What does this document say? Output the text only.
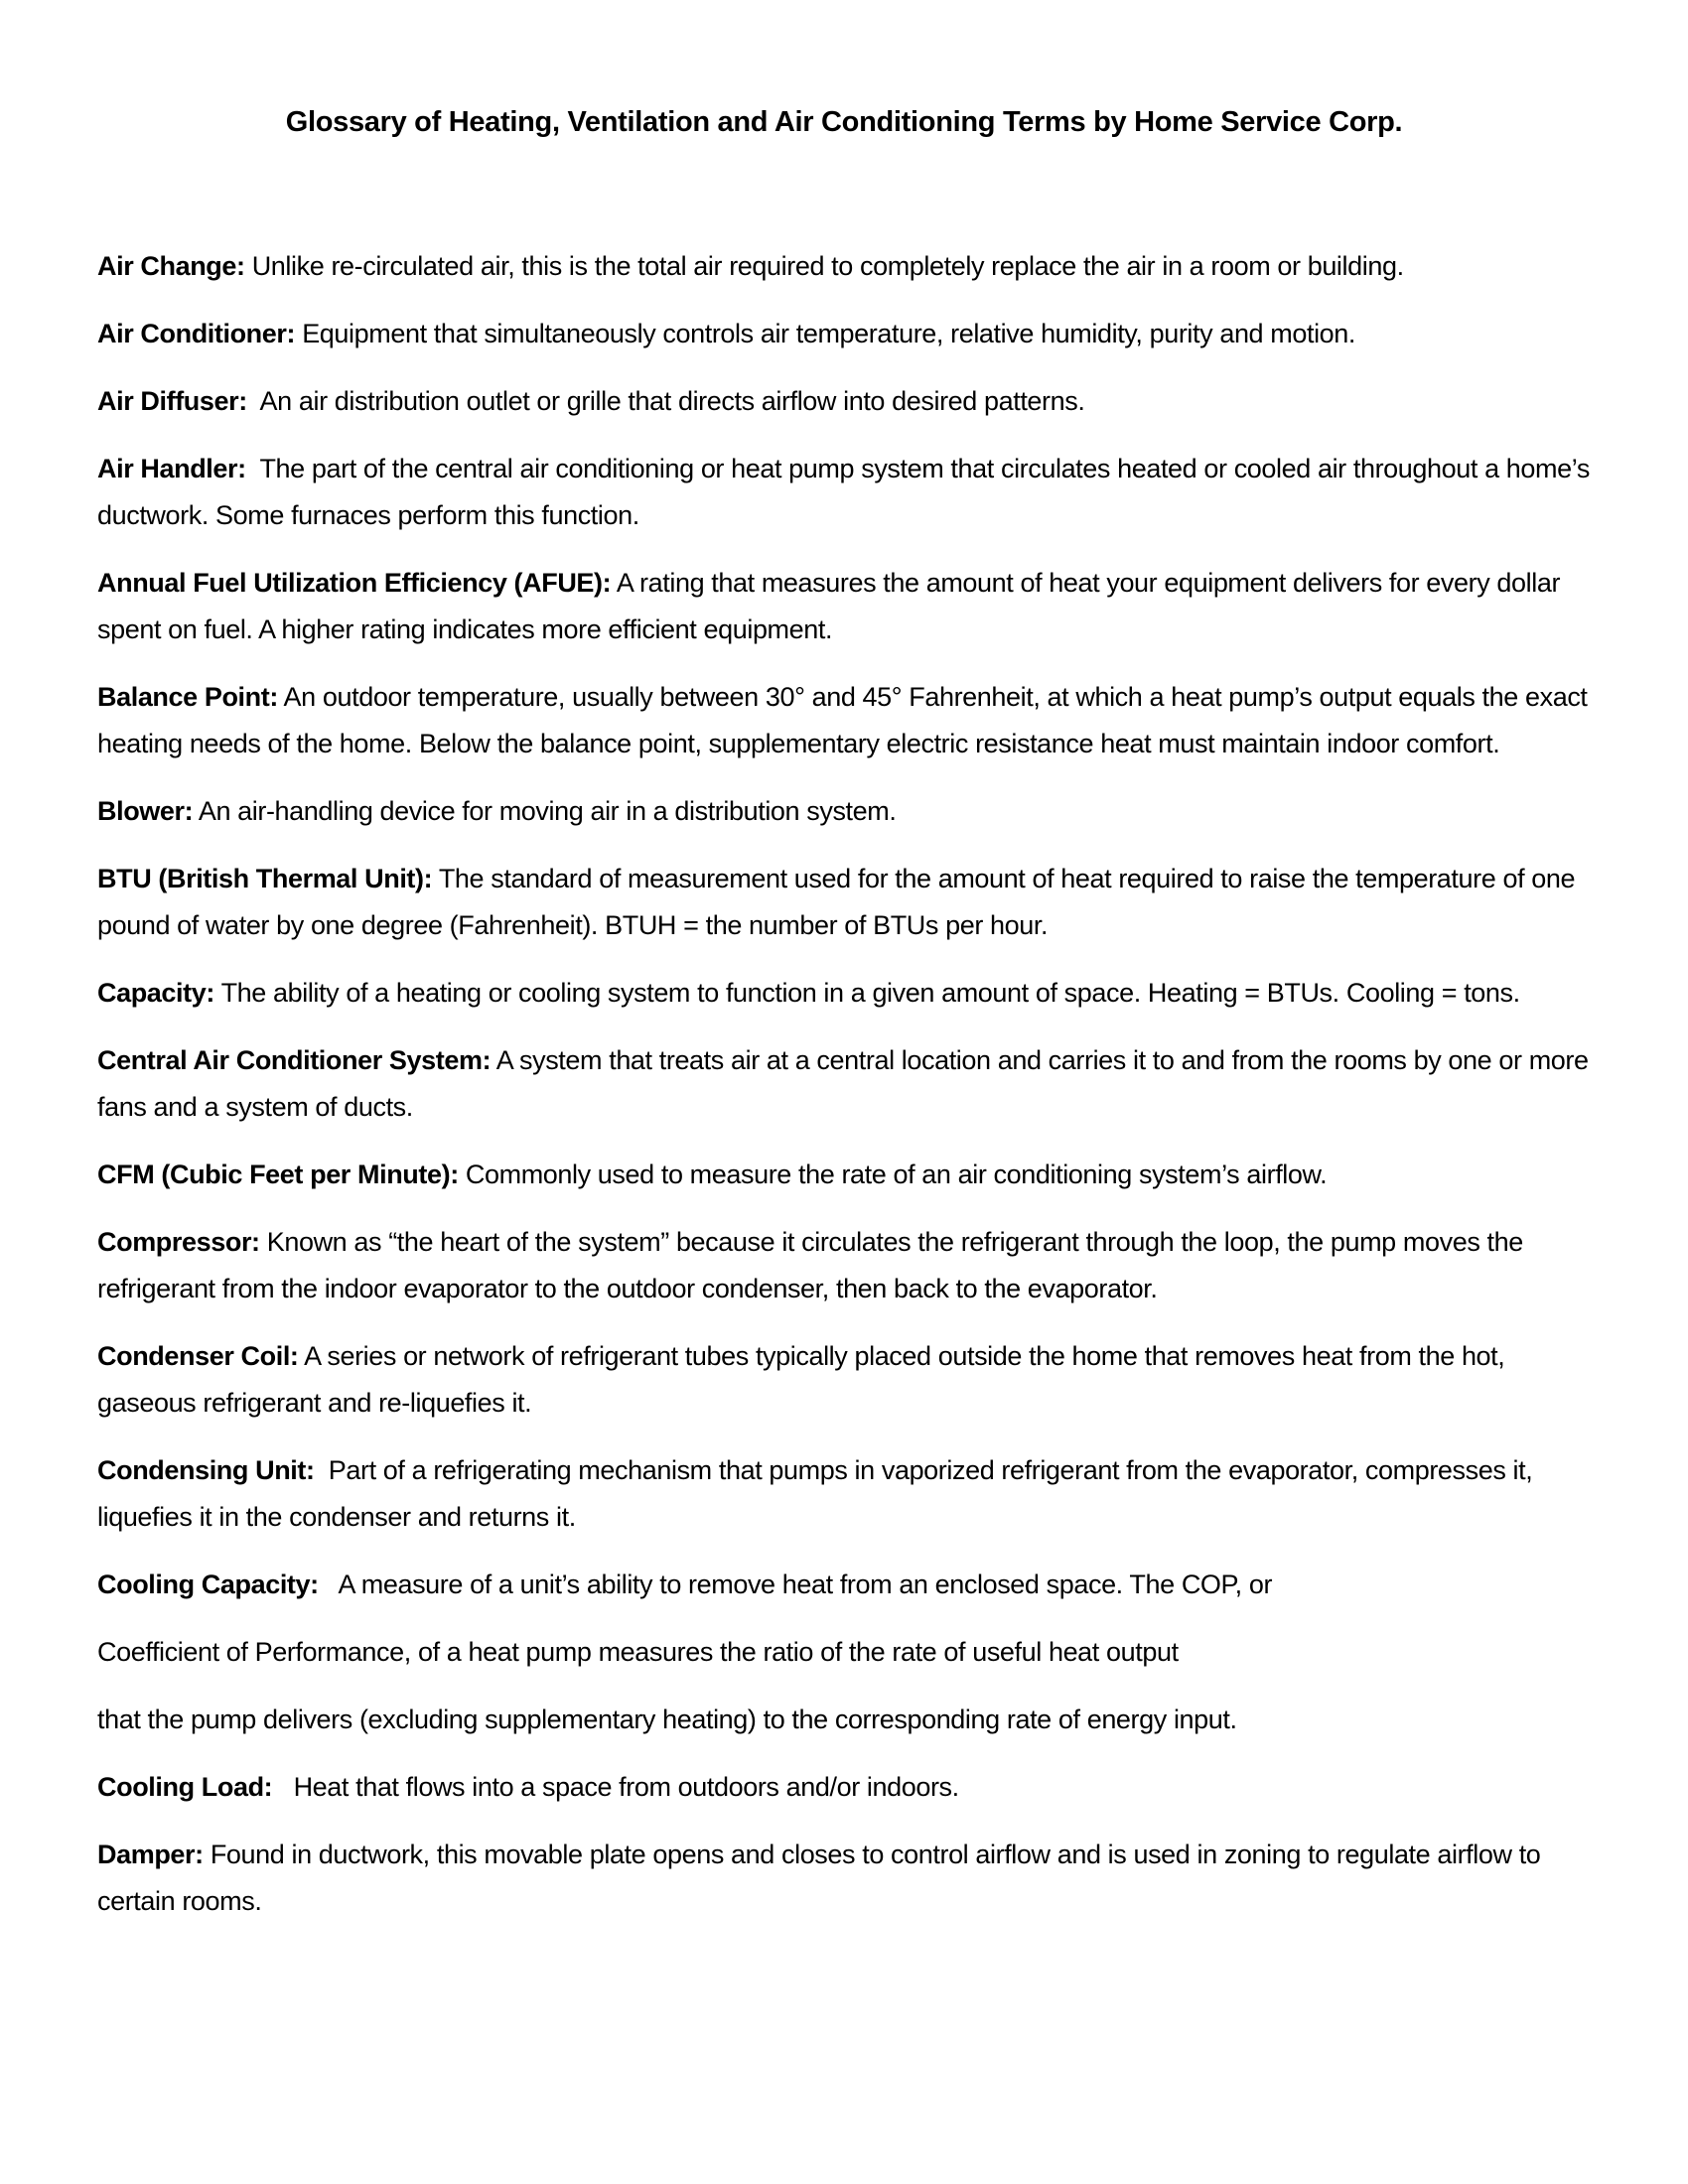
Glossary of Heating, Ventilation and Air Conditioning Terms by Home Service Corp.

Air Change: Unlike re-circulated air, this is the total air required to completely replace the air in a room or building.

Air Conditioner: Equipment that simultaneously controls air temperature, relative humidity, purity and motion.

Air Diffuser:  An air distribution outlet or grille that directs airflow into desired patterns.

Air Handler:  The part of the central air conditioning or heat pump system that circulates heated or cooled air throughout a home’s ductwork. Some furnaces perform this function.

Annual Fuel Utilization Efficiency (AFUE): A rating that measures the amount of heat your equipment delivers for every dollar spent on fuel. A higher rating indicates more efficient equipment.

Balance Point: An outdoor temperature, usually between 30° and 45° Fahrenheit, at which a heat pump’s output equals the exact heating needs of the home. Below the balance point, supplementary electric resistance heat must maintain indoor comfort.

Blower: An air-handling device for moving air in a distribution system.

BTU (British Thermal Unit): The standard of measurement used for the amount of heat required to raise the temperature of one pound of water by one degree (Fahrenheit). BTUH = the number of BTUs per hour.

Capacity: The ability of a heating or cooling system to function in a given amount of space. Heating = BTUs. Cooling = tons.

Central Air Conditioner System: A system that treats air at a central location and carries it to and from the rooms by one or more fans and a system of ducts.

CFM (Cubic Feet per Minute): Commonly used to measure the rate of an air conditioning system’s airflow.

Compressor: Known as “the heart of the system” because it circulates the refrigerant through the loop, the pump moves the refrigerant from the indoor evaporator to the outdoor condenser, then back to the evaporator.

Condenser Coil: A series or network of refrigerant tubes typically placed outside the home that removes heat from the hot, gaseous refrigerant and re-liquefies it.

Condensing Unit:  Part of a refrigerating mechanism that pumps in vaporized refrigerant from the evaporator, compresses it, liquefies it in the condenser and returns it.

Cooling Capacity:   A measure of a unit’s ability to remove heat from an enclosed space. The COP, or

Coefficient of Performance, of a heat pump measures the ratio of the rate of useful heat output

that the pump delivers (excluding supplementary heating) to the corresponding rate of energy input.

Cooling Load:   Heat that flows into a space from outdoors and/or indoors.

Damper: Found in ductwork, this movable plate opens and closes to control airflow and is used in zoning to regulate airflow to certain rooms.
